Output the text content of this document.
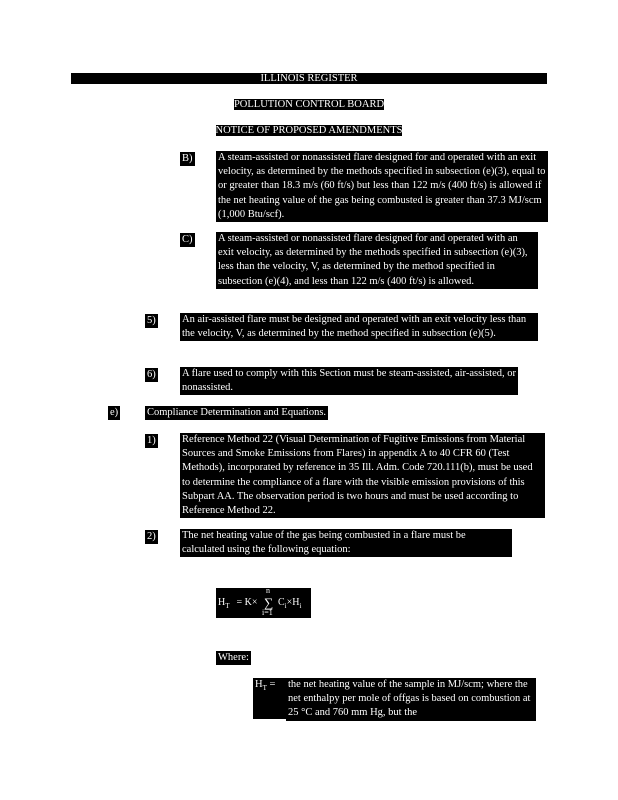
ILLINOIS REGISTER
POLLUTION CONTROL BOARD
NOTICE OF PROPOSED AMENDMENTS
B) A steam-assisted or nonassisted flare designed for and operated with an exit velocity, as determined by the methods specified in subsection (e)(3), equal to or greater than 18.3 m/s (60 ft/s) but less than 122 m/s (400 ft/s) is allowed if the net heating value of the gas being combusted is greater than 37.3 MJ/scm (1,000 Btu/scf).
C) A steam-assisted or nonassisted flare designed for and operated with an exit velocity, as determined by the methods specified in subsection (e)(3), less than the velocity, V, as determined by the method specified in subsection (e)(4), and less than 122 m/s (400 ft/s) is allowed.
5)	An air-assisted flare must be designed and operated with an exit velocity less than the velocity, V, as determined by the method specified in subsection (e)(5).
6)	A flare used to comply with this Section must be steam-assisted, air-assisted, or nonassisted.
e)	Compliance Determination and Equations.
1)	Reference Method 22 (Visual Determination of Fugitive Emissions from Material Sources and Smoke Emissions from Flares) in appendix A to 40 CFR 60 (Test Methods), incorporated by reference in 35 Ill. Adm. Code 720.111(b), must be used to determine the compliance of a flare with the visible emission provisions of this Subpart AA. The observation period is two hours and must be used according to Reference Method 22.
2)	The net heating value of the gas being combusted in a flare must be calculated using the following equation:
$H_T = K\times$
n
∑
i=1
$C_i\times H_i$
Where:
$H_T$ =	the net heating value of the sample in MJ/scm; where the net enthalpy per mole of offgas is based on combustion at 25 °C and 760 mm Hg, but the
